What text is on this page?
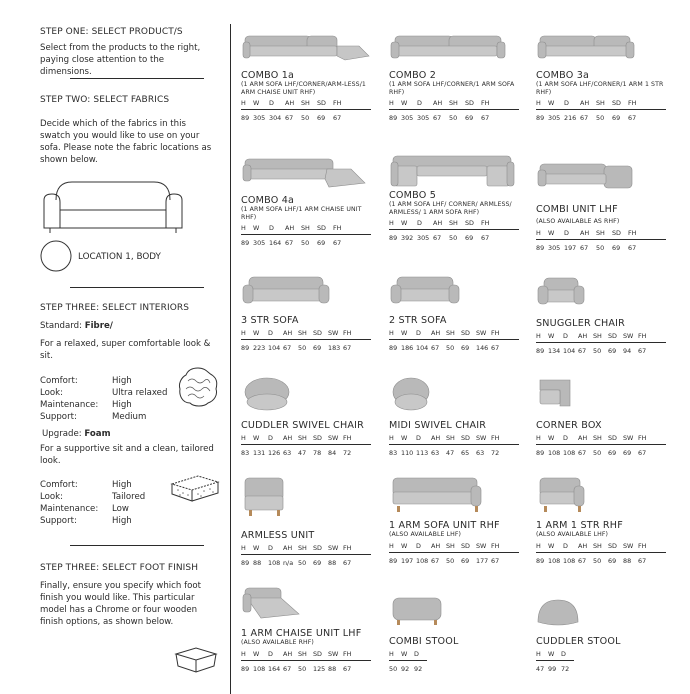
STEP ONE: SELECT PRODUCT/S
Select from the products to the right, paying close attention to the dimensions.
STEP TWO: SELECT FABRICS
Decide which of the fabrics in this swatch you would like to use on your sofa. Please note the fabric locations as shown below.
LOCATION 1, BODY
STEP THREE: SELECT INTERIORS
Standard: Fibre/
For a relaxed, super comfortable look & sit.
Comfort:	High
Look:	Ultra relaxed
Maintenance:	High
Support:	Medium
Upgrade: Foam
For a supportive sit and a clean, tailored look.
Comfort:	High
Look:	Tailored
Maintenance:	Low
Support:	High
STEP THREE: SELECT FOOT FINISH
Finally, ensure you specify which foot finish you would like. This particular model has a Chrome or four wooden finish options, as shown below.
COMBO 1a
(1 ARM SOFA LHF/CORNER/ARM-LESS/1 ARM CHAISE UNIT RHF)
H	W	D	AH	SH	SD	FH
89 305 304 67	50	69	67
COMBO 2
(1 ARM SOFA LHF/CORNER/1 ARM SOFA RHF)
H	W	D	AH	SH	SD	FH
89 305 305 67	50	69	67
COMBO 3a
(1 ARM SOFA LHF/CORNER/1 ARM 1 STR RHF)
H	W	D	AH	SH	SD	FH
89 305 216 67	50	69	67
COMBO 4a
(1 ARM SOFA LHF/1 ARM CHAISE UNIT RHF)
H	W	D	AH	SH	SD	FH
89 305 164 67	50	69	67
COMBO 5
(1 ARM SOFA LHF/ CORNER/ ARMLESS/ ARMLESS/ 1 ARM SOFA RHF)
H	W	D	AH	SH	SD	FH
89 392 305 67	50	69	67
COMBI UNIT LHF
(ALSO AVAILABLE AS RHF)
H	W	D	AH	SH	SD	FH
89 305 197 67	50	69	67
3 STR SOFA
H	W	D	AH SH SD SW FH
89 223 104 67	50	69	183 67
2 STR SOFA
H	W	D	AH SH SD SW FH
89 186 104 67	50	69	146 67
SNUGGLER CHAIR
H	W	D	AH SH SD SW FH
89 134 104 67	50	69	94	67
CUDDLER SWIVEL CHAIR
H	W	D	AH SH SD SW FH
83 131 126 63	47	78	84	72
MIDI SWIVEL CHAIR
H	W	D	AH SH SD SW FH
83 110 113 63	47	65	63	72
CORNER BOX
H	W	D	AH SH SD SW FH
89 108 108 67	50	69	69	67
ARMLESS UNIT
H	W	D	AH SH SD SW FH
89 88	108 n/a 50	69	88	67
1 ARM SOFA UNIT RHF
(ALSO AVAILABLE LHF)
H	W	D	AH SH SD SW FH
89 197 108 67	50	69	177 67
1 ARM 1 STR RHF
(ALSO AVAILABLE LHF)
H	W	D	AH SH SD SW FH
89 108 108 67	50	69	88	67
1 ARM CHAISE UNIT LHF
(ALSO AVAILABLE RHF)
H	W	D	AH SH SD SW FH
89 108 164 67	50	125 88	67
COMBI STOOL
H	W	D
50 92 92
CUDDLER STOOL
H	W	D
47 99 72
